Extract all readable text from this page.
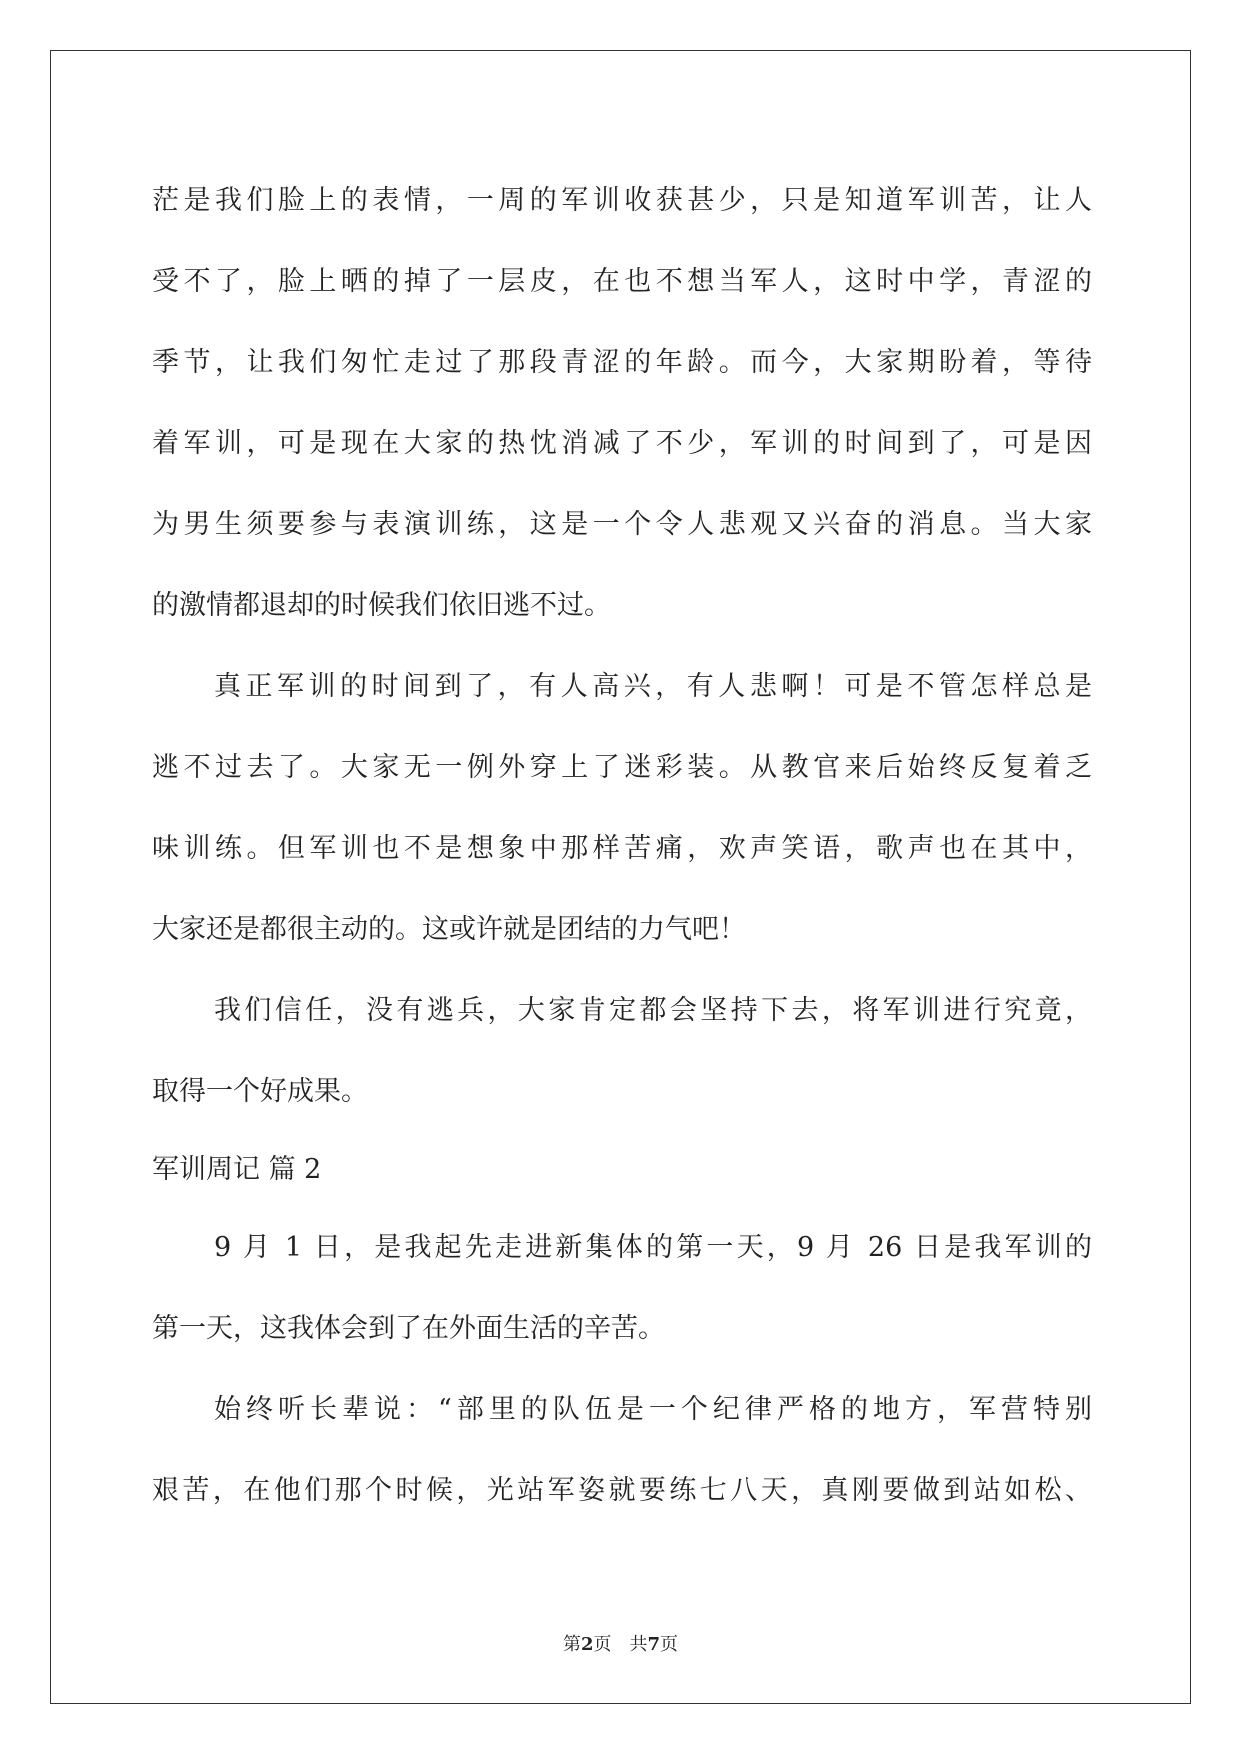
茫是我们脸上的表情，一周的军训收获甚少，只是知道军训苦，让人
受不了，脸上晒的掉了一层皮，在也不想当军人，这时中学，青涩的
季节，让我们匆忙走过了那段青涩的年龄。而今，大家期盼着，等待
着军训，可是现在大家的热忱消减了不少，军训的时间到了，可是因
为男生须要参与表演训练，这是一个令人悲观又兴奋的消息。当大家
的激情都退却的时候我们依旧逃不过。
真正军训的时间到了，有人高兴，有人悲啊！可是不管怎样总是
逃不过去了。大家无一例外穿上了迷彩装。从教官来后始终反复着乏
味训练。但军训也不是想象中那样苦痛，欢声笑语，歌声也在其中，
大家还是都很主动的。这或许就是团结的力气吧！
我们信任，没有逃兵，大家肯定都会坚持下去，将军训进行究竟，
取得一个好成果。
军训周记 篇 2
9 月 1 日，是我起先走进新集体的第一天，9 月 26 日是我军训的
第一天，这我体会到了在外面生活的辛苦。
始终听长辈说：“部里的队伍是一个纪律严格的地方，军营特别
艰苦，在他们那个时候，光站军姿就要练七八天，真刚要做到站如松、
第2页 共7页
